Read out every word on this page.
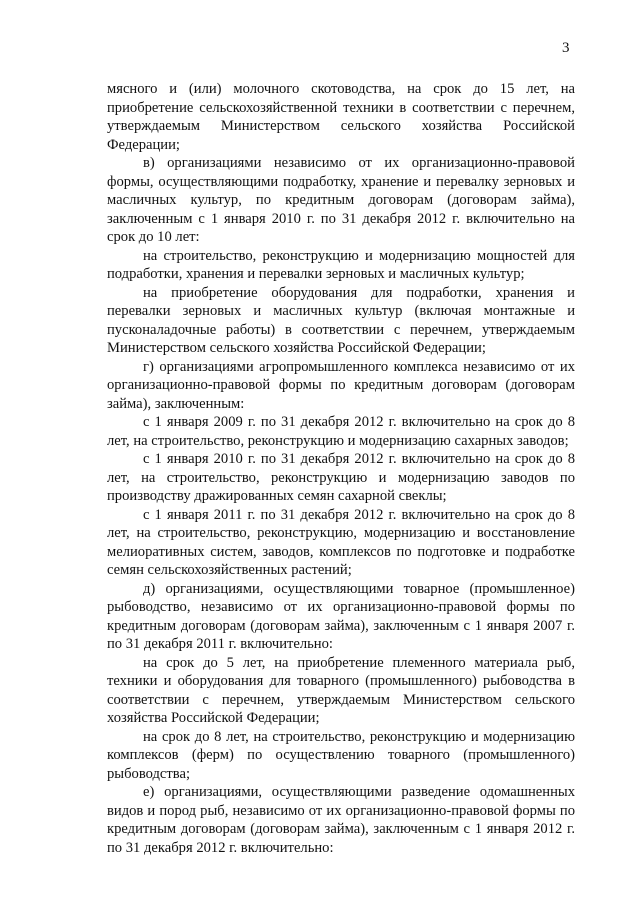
3

мясного и (или) молочного скотоводства, на срок до 15 лет, на приобретение сельскохозяйственной техники в соответствии с перечнем, утверждаемым Министерством сельского хозяйства Российской Федерации;

в) организациями независимо от их организационно-правовой формы, осуществляющими подработку, хранение и перевалку зерновых и масличных культур, по кредитным договорам (договорам займа), заключенным с 1 января 2010 г. по 31 декабря 2012 г. включительно на срок до 10 лет:

на строительство, реконструкцию и модернизацию мощностей для подработки, хранения и перевалки зерновых и масличных культур;

на приобретение оборудования для подработки, хранения и перевалки зерновых и масличных культур (включая монтажные и пусконаладочные работы) в соответствии с перечнем, утверждаемым Министерством сельского хозяйства Российской Федерации;

г) организациями агропромышленного комплекса независимо от их организационно-правовой формы по кредитным договорам (договорам займа), заключенным:

с 1 января 2009 г. по 31 декабря 2012 г. включительно на срок до 8 лет, на строительство, реконструкцию и модернизацию сахарных заводов;

с 1 января 2010 г. по 31 декабря 2012 г. включительно на срок до 8 лет, на строительство, реконструкцию и модернизацию заводов по производству дражированных семян сахарной свеклы;

с 1 января 2011 г. по 31 декабря 2012 г. включительно на срок до 8 лет, на строительство, реконструкцию, модернизацию и восстановление мелиоративных систем, заводов, комплексов по подготовке и подработке семян сельскохозяйственных растений;

д) организациями, осуществляющими товарное (промышленное) рыбоводство, независимо от их организационно-правовой формы по кредитным договорам (договорам займа), заключенным с 1 января 2007 г. по 31 декабря 2011 г. включительно:

на срок до 5 лет, на приобретение племенного материала рыб, техники и оборудования для товарного (промышленного) рыбоводства в соответствии с перечнем, утверждаемым Министерством сельского хозяйства Российской Федерации;

на срок до 8 лет, на строительство, реконструкцию и модернизацию комплексов (ферм) по осуществлению товарного (промышленного) рыбоводства;

е) организациями, осуществляющими разведение одомашненных видов и пород рыб, независимо от их организационно-правовой формы по кредитным договорам (договорам займа), заключенным с 1 января 2012 г. по 31 декабря 2012 г. включительно:
